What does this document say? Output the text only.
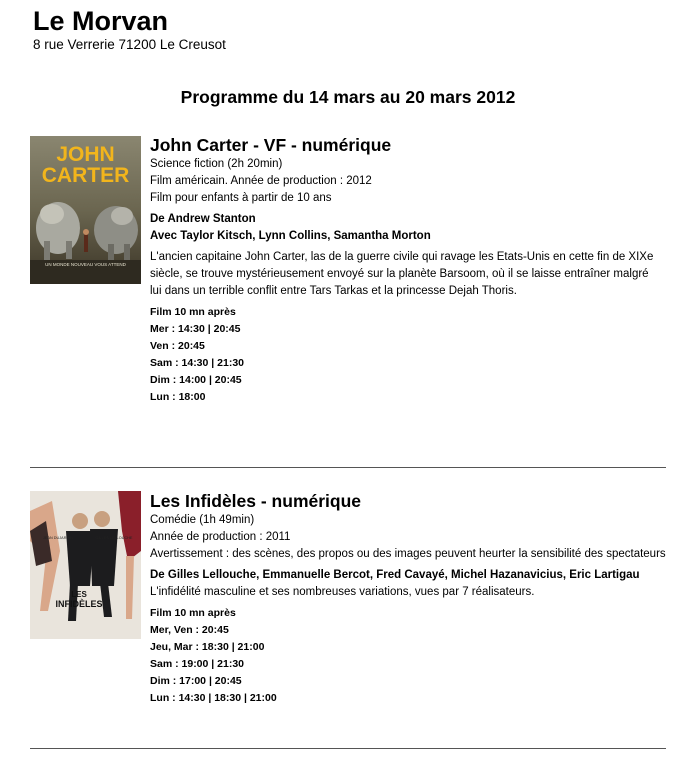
Le Morvan
8 rue Verrerie 71200 Le Creusot
Programme du 14 mars au 20 mars 2012
JOHN
CARTER
UN MONDE NOUVEAU VOUS ATTEND
John Carter - VF - numérique
Science fiction (2h 20min)
Film américain. Année de production : 2012
Film pour enfants à partir de 10 ans
De Andrew Stanton
Avec Taylor Kitsch, Lynn Collins, Samantha Morton
L'ancien capitaine John Carter, las de la guerre civile qui ravage les Etats-Unis en cette fin de XIXe siècle, se trouve mystérieusement envoyé sur la planète Barsoom, où il se laisse entraîner malgré lui dans un terrible conflit entre Tars Tarkas et la princesse Dejah Thoris.
Film 10 mn après
Mer : 14:30 | 20:45
Ven : 20:45
Sam : 14:30 | 21:30
Dim : 14:00 | 20:45
Lun : 18:00
JEAN DUJARDIN	GILLES LELLOUCHE
LES
INFIDÈLES
Les Infidèles - numérique
Comédie (1h 49min)
Année de production : 2011
Avertissement : des scènes, des propos ou des images peuvent heurter la sensibilité des spectateurs
De Gilles Lellouche, Emmanuelle Bercot, Fred Cavayé, Michel Hazanavicius, Eric Lartigau
L'infidélité masculine et ses nombreuses variations, vues par 7 réalisateurs.
Film 10 mn après
Mer, Ven : 20:45
Jeu, Mar : 18:30 | 21:00
Sam : 19:00 | 21:30
Dim : 17:00 | 20:45
Lun : 14:30 | 18:30 | 21:00
